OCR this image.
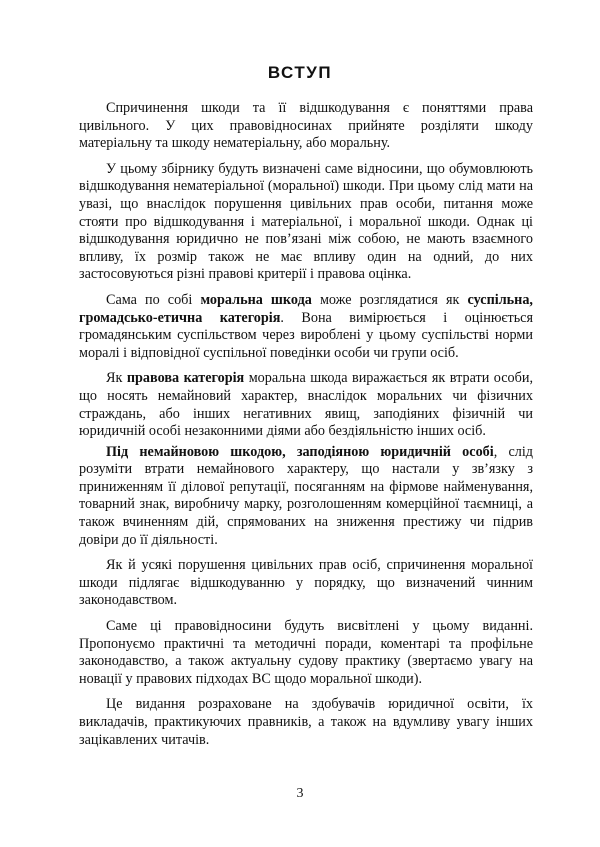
ВСТУП

Спричинення шкоди та її відшкодування є поняттями права цивільного. У цих правовідносинах прийняте розділяти шкоду матеріальну та шкоду нематеріальну, або моральну.

У цьому збірнику будуть визначені саме відносини, що обумовлюють відшкодування нематеріальної (моральної) шкоди. При цьому слід мати на увазі, що внаслідок порушення цивільних прав особи, питання може стояти про відшкодування і матеріальної, і моральної шкоди. Однак ці відшкодування юридично не пов’язані між собою, не мають взаємного впливу, їх розмір також не має впливу один на одний, до них застосовуються різні правові критерії і правова оцінка.

Сама по собі моральна шкода може розглядатися як суспільна, громадсько-етична категорія. Вона вимірюється і оцінюється громадянським суспільством через вироблені у цьому суспільстві норми моралі і відповідної суспільної поведінки особи чи групи осіб.

Як правова категорія моральна шкода виражається як втрати особи, що носять немайновий характер, внаслідок моральних чи фізичних страждань, або інших негативних явищ, заподіяних фізичній чи юридичній особі незаконними діями або бездіяльністю інших осіб.

Під немайновою шкодою, заподіяною юридичній особі, слід розуміти втрати немайнового характеру, що настали у зв’язку з приниженням її ділової репутації, посяганням на фірмове найменування, товарний знак, виробничу марку, розголошенням комерційної таємниці, а також вчиненням дій, спрямованих на зниження престижу чи підрив довіри до її діяльності.

Як й усякі порушення цивільних прав осіб, спричинення моральної шкоди підлягає відшкодуванню у порядку, що визначений чинним законодавством.

Саме ці правовідносини будуть висвітлені у цьому виданні. Пропонуємо практичні та методичні поради, коментарі та профільне законодавство, а також актуальну судову практику (звертаємо увагу на новації у правових підходах ВС щодо моральної шкоди).

Це видання розраховане на здобувачів юридичної освіти, їх викладачів, практикуючих правників, а також на вдумливу увагу інших зацікавлених читачів.

3
